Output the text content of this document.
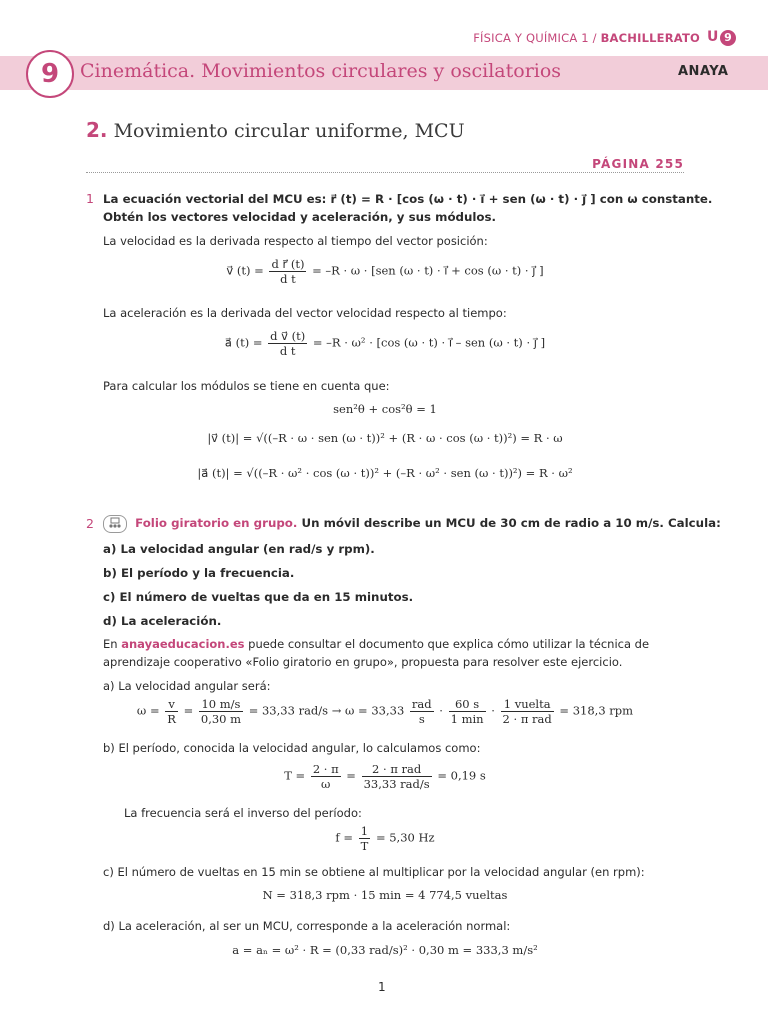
FÍSICA Y QUÍMICA 1 / BACHILLERATO U 9
9	Cinemática. Movimientos circulares y oscilatorios	ANAYA
2. Movimiento circular uniforme, MCU
PÁGINA 255
1 La ecuación vectorial del MCU es: r⃗ (t) = R · [cos (ω · t) · i⃗ + sen (ω · t) · j⃗ ] con ω constante.
Obtén los vectores velocidad y aceleración, y sus módulos.
La velocidad es la derivada respecto al tiempo del vector posición:
v⃗ $(t) = \frac{\text{d r⃗ (t)}}{\text{d t}} = -R \cdot \omega \cdot [sen$ (ω · t) · i⃗ + cos (ω · t) · j⃗ ]
La aceleración es la derivada del vector velocidad respecto al tiempo:
a⃗ $(t) = \frac{\text{d v⃗ (t)}}{\text{d t}} = -R \cdot \omega^2 \cdot [\cos$ (ω · t) · i⃗ – sen (ω · t) · j⃗ ]
Para calcular los módulos se tiene en cuenta que:
sen²θ + cos²θ = 1
|v⃗ (t)| = √((–R · ω · sen (ω · t))² + (R · ω · cos (ω · t))²) = R · ω
|a⃗ (t)| = √((–R · ω² · cos (ω · t))² + (–R · ω² · sen (ω · t))²) = R · ω²
2	Folio giratorio en grupo. Un móvil describe un MCU de 30 cm de radio a 10 m/s. Calcula:
a) La velocidad angular (en rad/s y rpm).
b) El período y la frecuencia.
c) El número de vueltas que da en 15 minutos.
d) La aceleración.
En anayaeducacion.es puede consultar el documento que explica cómo utilizar la técnica de
aprendizaje cooperativo «Folio giratorio en grupo», propuesta para resolver este ejercicio.
a) La velocidad angular será:
$\omega = \frac{v}{R} = \frac{10 m/s}{0,30 m} = 33,33$ $rad/s \to \omega = 33,33 \frac{\text{rad}}{s} \cdot \frac{60 s}{1 \min} \cdot \frac{\text{1 vuelta}}{\text{2 · π rad}} = 318,3$ rpm
b) El período, conocida la velocidad angular, lo calculamos como:
$T = \frac{2 \cdot \pi}{\omega} = \frac{\text{2 · π rad}}{\text{33,33 rad/s}} = 0,19$ s
La frecuencia será el inverso del período:
$f = \frac{1}{T} = 5,30$ Hz
c) El número de vueltas en 15 min se obtiene al multiplicar por la velocidad angular (en rpm):
N = 318,3 rpm · 15 min = 4 774,5 vueltas
d) La aceleración, al ser un MCU, corresponde a la aceleración normal:
a = aₙ = ω² · R = (0,33 rad/s)² · 0,30 m = 333,3 m/s²
1
